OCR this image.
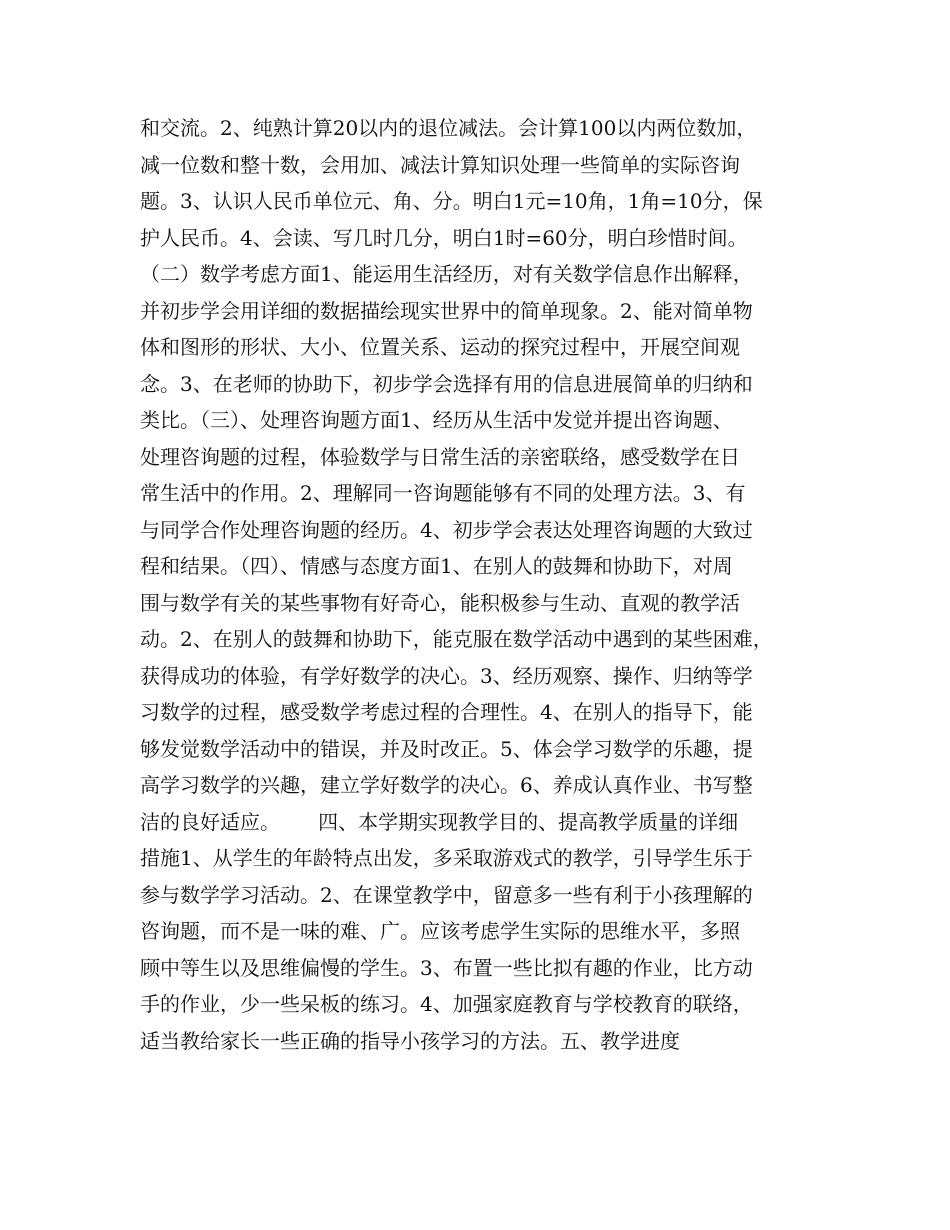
和交流。2、纯熟计算20以内的退位减法。会计算100以内两位数加，

减一位数和整十数，会用加、减法计算知识处理一些简单的实际咨询

题。3、认识人民币单位元、角、分。明白1元=10角，1角=10分，保

护人民币。4、会读、写几时几分，明白1时=60分，明白珍惜时间。

（二）数学考虑方面1、能运用生活经历，对有关数学信息作出解释，

并初步学会用详细的数据描绘现实世界中的简单现象。2、能对简单物

体和图形的形状、大小、位置关系、运动的探究过程中，开展空间观

念。3、在老师的协助下，初步学会选择有用的信息进展简单的归纳和

类比。（三）、处理咨询题方面1、经历从生活中发觉并提出咨询题、

处理咨询题的过程，体验数学与日常生活的亲密联络，感受数学在日

常生活中的作用。2、理解同一咨询题能够有不同的处理方法。3、有

与同学合作处理咨询题的经历。4、初步学会表达处理咨询题的大致过

程和结果。（四）、情感与态度方面1、在别人的鼓舞和协助下，对周

围与数学有关的某些事物有好奇心，能积极参与生动、直观的教学活

动。2、在别人的鼓舞和协助下，能克服在数学活动中遇到的某些困难，

获得成功的体验，有学好数学的决心。3、经历观察、操作、归纳等学

习数学的过程，感受数学考虑过程的合理性。4、在别人的指导下，能

够发觉数学活动中的错误，并及时改正。5、体会学习数学的乐趣，提

高学习数学的兴趣，建立学好数学的决心。6、养成认真作业、书写整

洁的良好适应。      四、本学期实现教学目的、提高教学质量的详细

措施1、从学生的年龄特点出发，多采取游戏式的教学，引导学生乐于

参与数学学习活动。2、在课堂教学中，留意多一些有利于小孩理解的

咨询题，而不是一味的难、广。应该考虑学生实际的思维水平，多照

顾中等生以及思维偏慢的学生。3、布置一些比拟有趣的作业，比方动

手的作业，少一些呆板的练习。4、加强家庭教育与学校教育的联络，

适当教给家长一些正确的指导小孩学习的方法。五、教学进度
